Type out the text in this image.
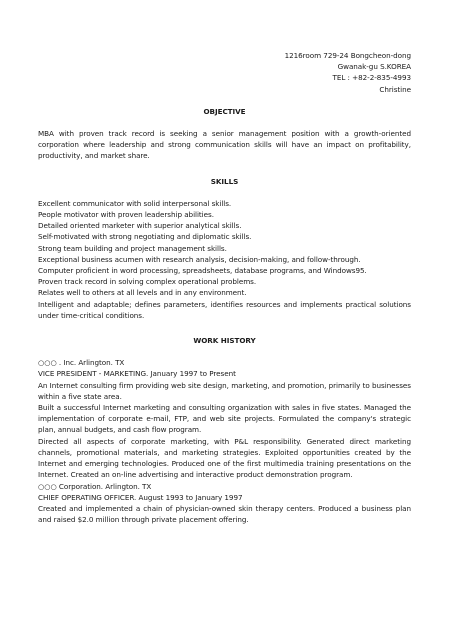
1216room 729-24 Bongcheon-dong
Gwanak-gu S.KOREA
TEL : +82-2-835-4993
Christine

OBJECTIVE

MBA with proven track record is seeking a senior management position with a growth-oriented corporation where leadership and strong communication skills will have an impact on profitability, productivity, and market share.

SKILLS

Excellent communicator with solid interpersonal skills.

People motivator with proven leadership abilities.

Detailed oriented marketer with superior analytical skills.

Self-motivated with strong negotiating and diplomatic skills.

Strong team building and project management skills.

Exceptional business acumen with research analysis, decision-making, and follow-through.

Computer proficient in word processing, spreadsheets, database programs, and Windows95.

Proven track record in solving complex operational problems.

Relates well to others at all levels and in any environment.

Intelligent and adaptable; defines parameters, identifies resources and implements practical solutions under time-critical conditions.

WORK HISTORY

○○○ . Inc. Arlington. TX

VICE PRESIDENT - MARKETING. January 1997 to Present

An Internet consulting firm providing web site design, marketing, and promotion, primarily to businesses within a five state area.

Built a successful Internet marketing and consulting organization with sales in five states. Managed the implementation of corporate e-mail, FTP, and web site projects. Formulated the company's strategic plan, annual budgets, and cash flow program.

Directed all aspects of corporate marketing, with P&L responsibility. Generated direct marketing channels, promotional materials, and marketing strategies. Exploited opportunities created by the Internet and emerging technologies. Produced one of the first multimedia training presentations on the Internet. Created an on-line advertising and interactive product demonstration program.

○○○ Corporation. Arlington. TX

CHIEF OPERATING OFFICER. August 1993 to January 1997

Created and implemented a chain of physician-owned skin therapy centers. Produced a business plan and raised $2.0 million through private placement offering.
